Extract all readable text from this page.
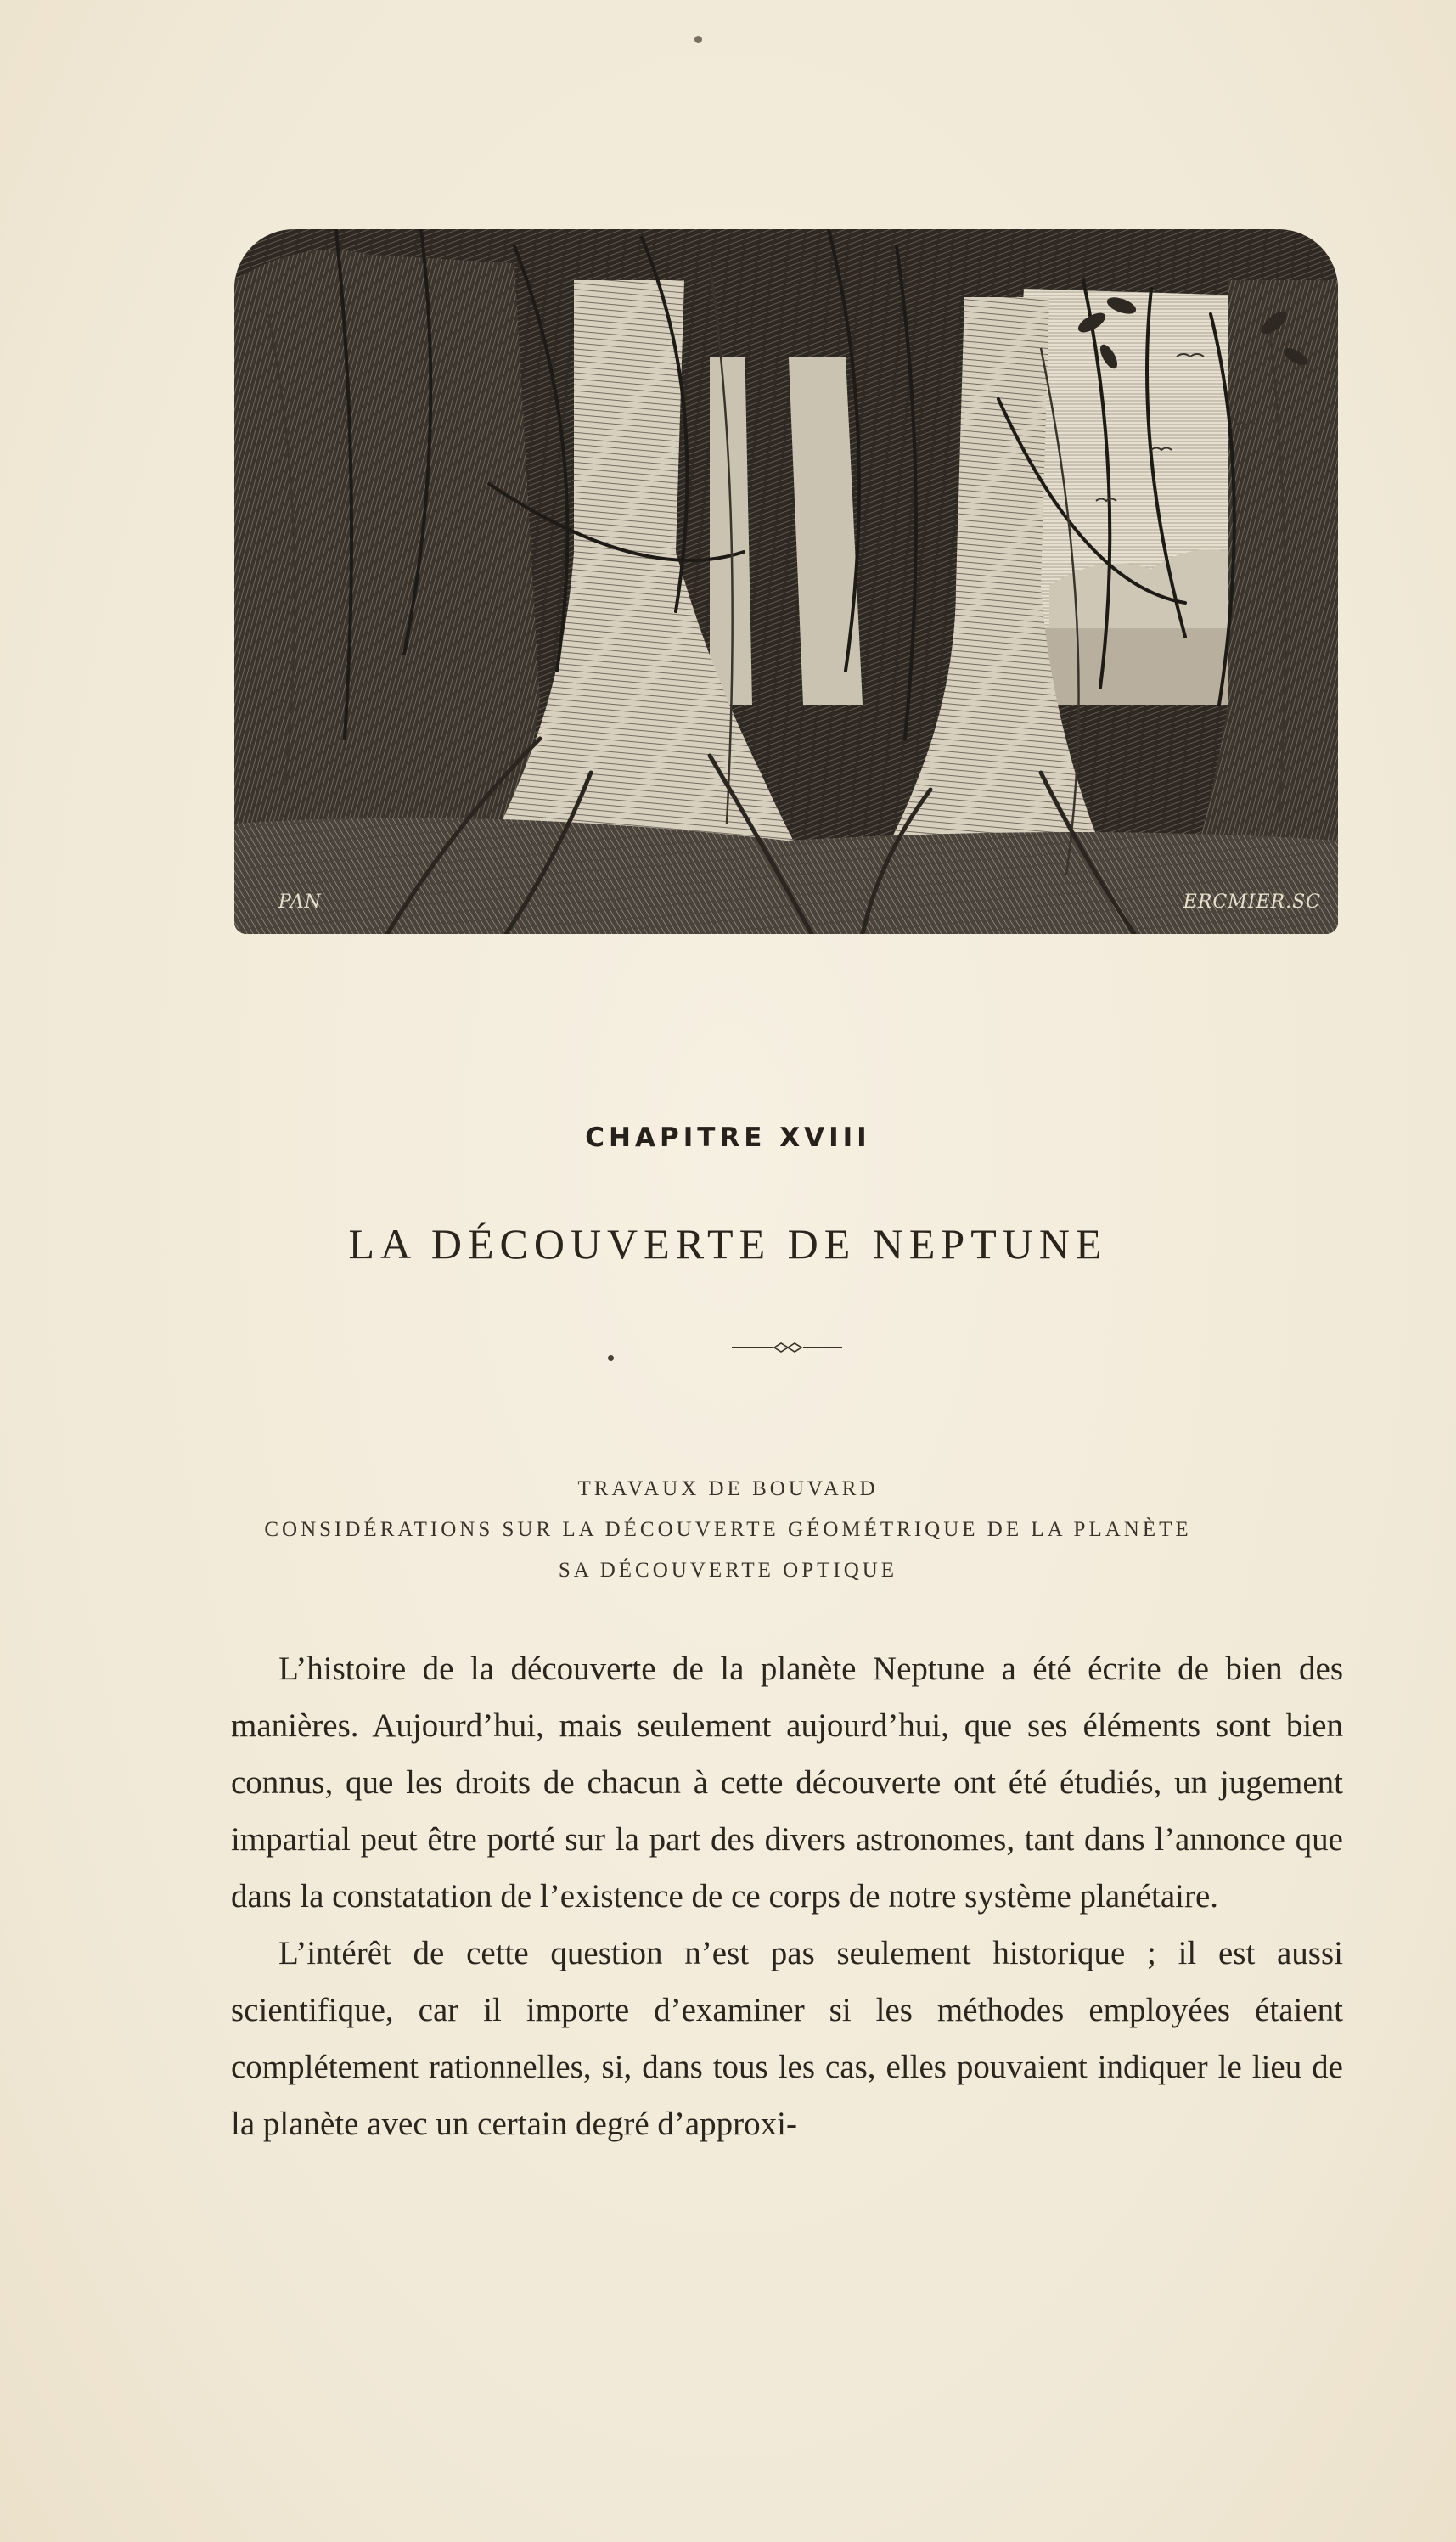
PAN	ERCMIER.SC
CHAPITRE XVIII
LA DÉCOUVERTE DE NEPTUNE
TRAVAUX DE BOUVARD
CONSIDÉRATIONS SUR LA DÉCOUVERTE GÉOMÉTRIQUE DE LA PLANÈTE
SA DÉCOUVERTE OPTIQUE

L’histoire de la découverte de la planète Neptune a été écrite de bien des manières. Aujourd’hui, mais seulement aujourd’hui, que ses éléments sont bien connus, que les droits de chacun à cette découverte ont été étudiés, un jugement impartial peut être porté sur la part des divers astronomes, tant dans l’annonce que dans la constatation de l’existence de ce corps de notre système planétaire.

L’intérêt de cette question n’est pas seulement historique ; il est aussi scientifique, car il importe d’examiner si les méthodes employées étaient complétement rationnelles, si, dans tous les cas, elles pouvaient indiquer le lieu de la planète avec un certain degré d’approxi-
